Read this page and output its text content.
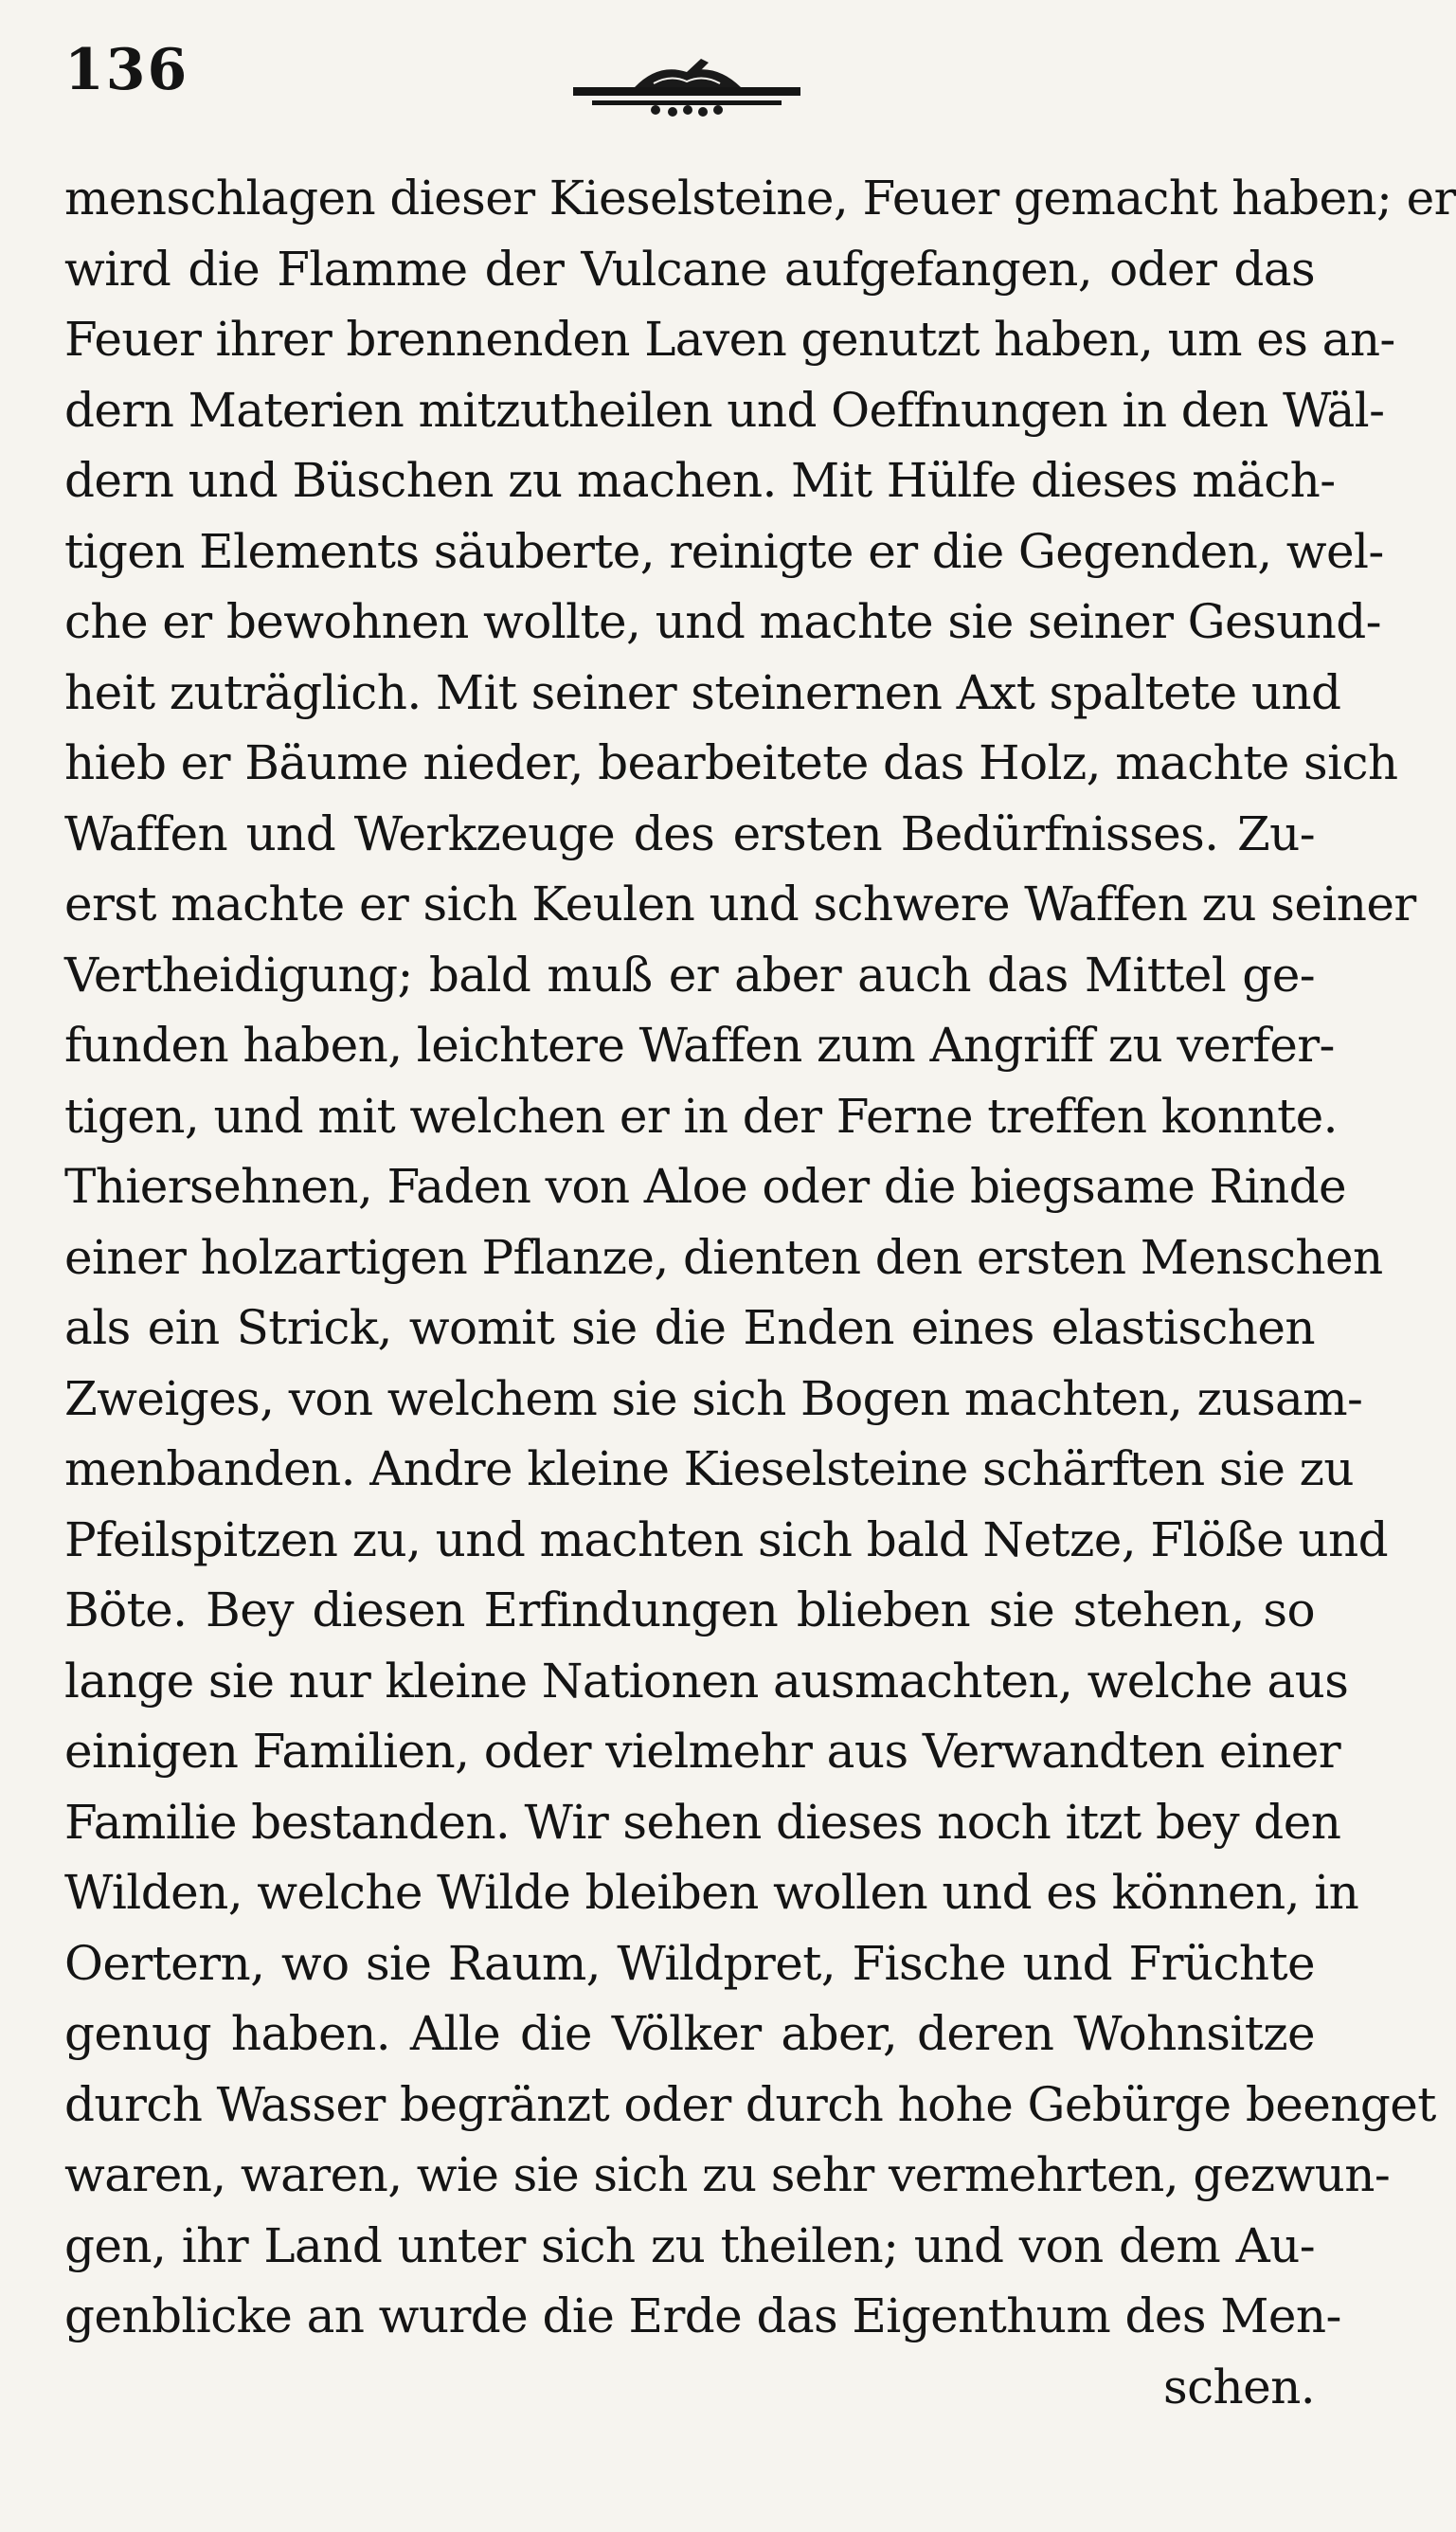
136
menschlagen dieser Kieselsteine, Feuer gemacht haben; er
wird die Flamme der Vulcane aufgefangen, oder das
Feuer ihrer brennenden Laven genutzt haben, um es an-
dern Materien mitzutheilen und Oeffnungen in den Wäl-
dern und Büschen zu machen. Mit Hülfe dieses mäch-
tigen Elements säuberte, reinigte er die Gegenden, wel-
che er bewohnen wollte, und machte sie seiner Gesund-
heit zuträglich. Mit seiner steinernen Axt spaltete und
hieb er Bäume nieder, bearbeitete das Holz, machte sich
Waffen und Werkzeuge des ersten Bedürfnisses. Zu-
erst machte er sich Keulen und schwere Waffen zu seiner
Vertheidigung; bald muß er aber auch das Mittel ge-
funden haben, leichtere Waffen zum Angriff zu verfer-
tigen, und mit welchen er in der Ferne treffen konnte.
Thiersehnen, Faden von Aloe oder die biegsame Rinde
einer holzartigen Pflanze, dienten den ersten Menschen
als ein Strick, womit sie die Enden eines elastischen
Zweiges, von welchem sie sich Bogen machten, zusam-
menbanden. Andre kleine Kieselsteine schärften sie zu
Pfeilspitzen zu, und machten sich bald Netze, Flöße und
Böte. Bey diesen Erfindungen blieben sie stehen, so
lange sie nur kleine Nationen ausmachten, welche aus
einigen Familien, oder vielmehr aus Verwandten einer
Familie bestanden. Wir sehen dieses noch itzt bey den
Wilden, welche Wilde bleiben wollen und es können, in
Oertern, wo sie Raum, Wildpret, Fische und Früchte
genug haben. Alle die Völker aber, deren Wohnsitze
durch Wasser begränzt oder durch hohe Gebürge beenget
waren, waren, wie sie sich zu sehr vermehrten, gezwun-
gen, ihr Land unter sich zu theilen; und von dem Au-
genblicke an wurde die Erde das Eigenthum des Men-
schen.
